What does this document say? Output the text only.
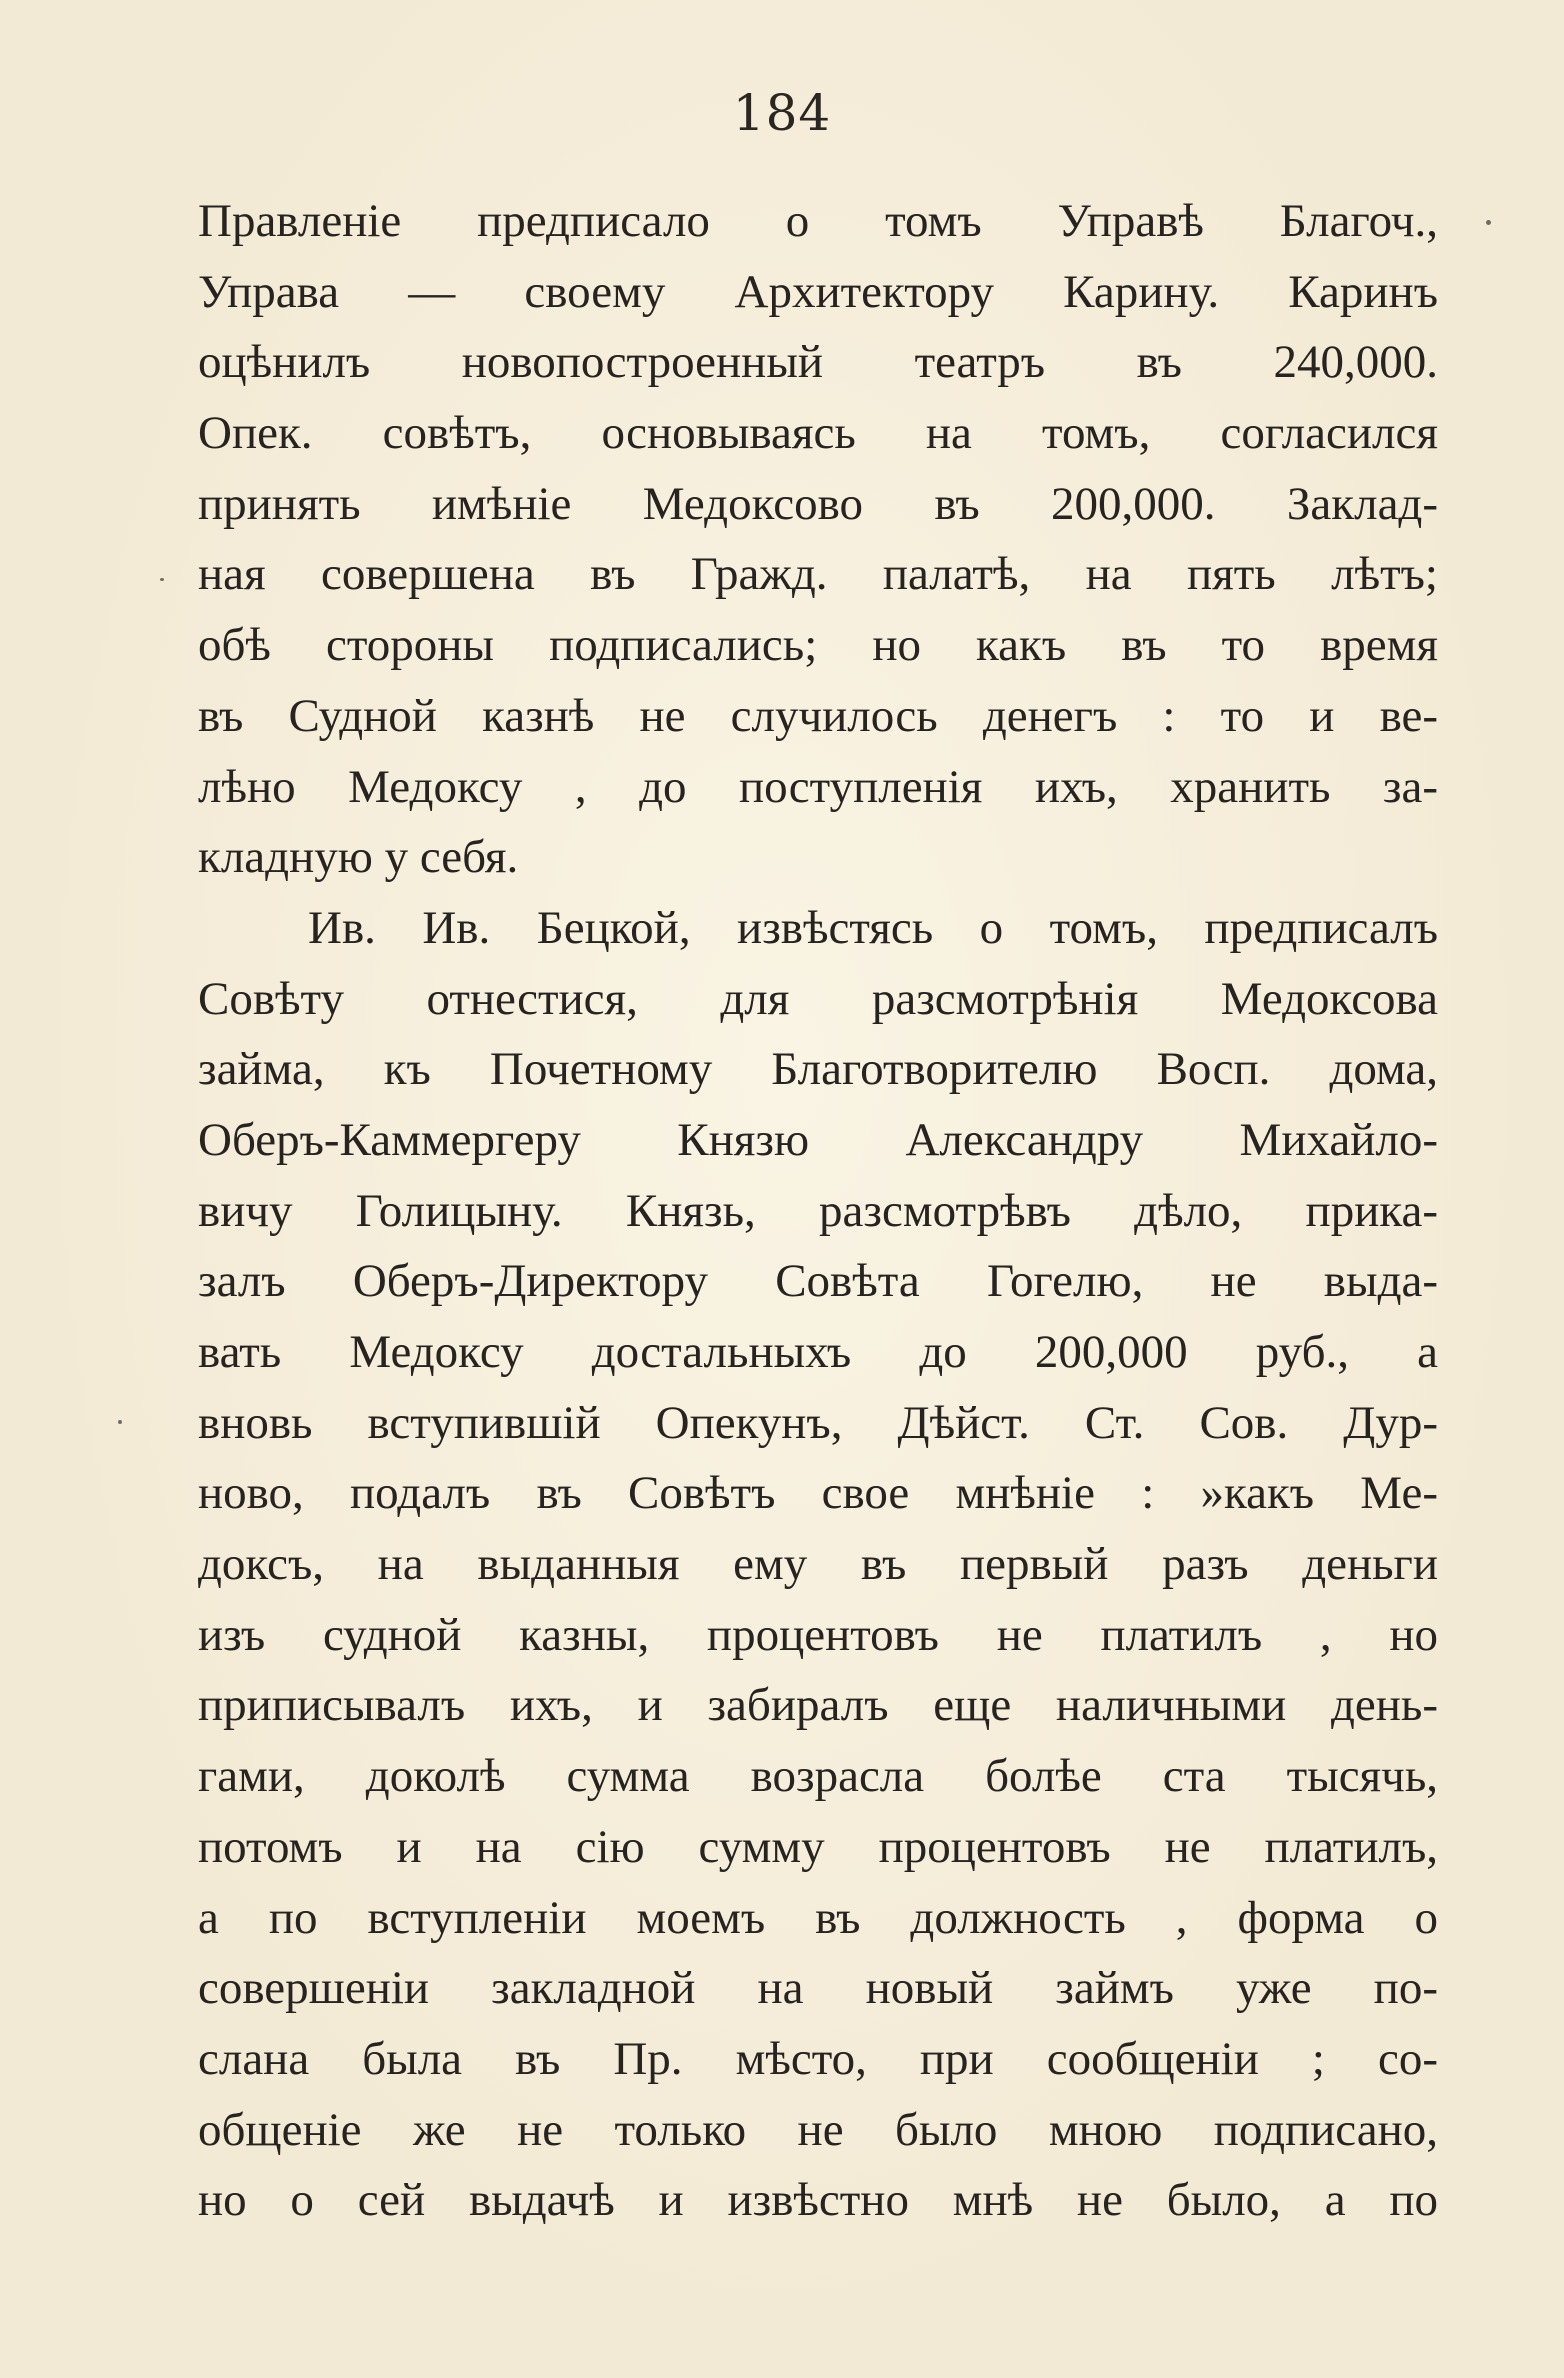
184
Правленіе предписало о томъ Управѣ Благоч.,
Управа — своему Архитектору Карину. Каринъ
оцѣнилъ новопостроенный театръ въ 240,000.
Опек. совѣтъ, основываясь на томъ, согласился
принять имѣніе Медоксово въ 200,000. Заклад-
ная совершена въ Гражд. палатѣ, на пять лѣтъ;
обѣ стороны подписались; но какъ въ то время
въ Судной казнѣ не случилось денегъ : то и ве-
лѣно Медоксу , до поступленія ихъ, хранить за-
кладную у себя.
Ив. Ив. Бецкой, извѣстясь о томъ, предписалъ
Совѣту отнестися, для разсмотрѣнія Медоксова
займа, къ Почетному Благотворителю Восп. дома,
Оберъ-Каммергеру Князю Александру Михайло-
вичу Голицыну. Князь, разсмотрѣвъ дѣло, прика-
залъ Оберъ-Директору Совѣта Гогелю, не выда-
вать Медоксу достальныхъ до 200,000 руб., а
вновь вступившій Опекунъ, Дѣйст. Ст. Сов. Дур-
ново, подалъ въ Совѣтъ свое мнѣніе : »какъ Ме-
доксъ, на выданныя ему въ первый разъ деньги
изъ судной казны, процентовъ не платилъ , но
приписывалъ ихъ, и забиралъ еще наличными день-
гами, доколѣ сумма возрасла болѣе ста тысячь,
потомъ и на сію сумму процентовъ не платилъ,
а по вступленіи моемъ въ должность , форма о
совершеніи закладной на новый займъ уже по-
слана была въ Пр. мѣсто, при сообщеніи ; со-
общеніе же не только не было мною подписано,
но о сей выдачѣ и извѣстно мнѣ не было, а по
